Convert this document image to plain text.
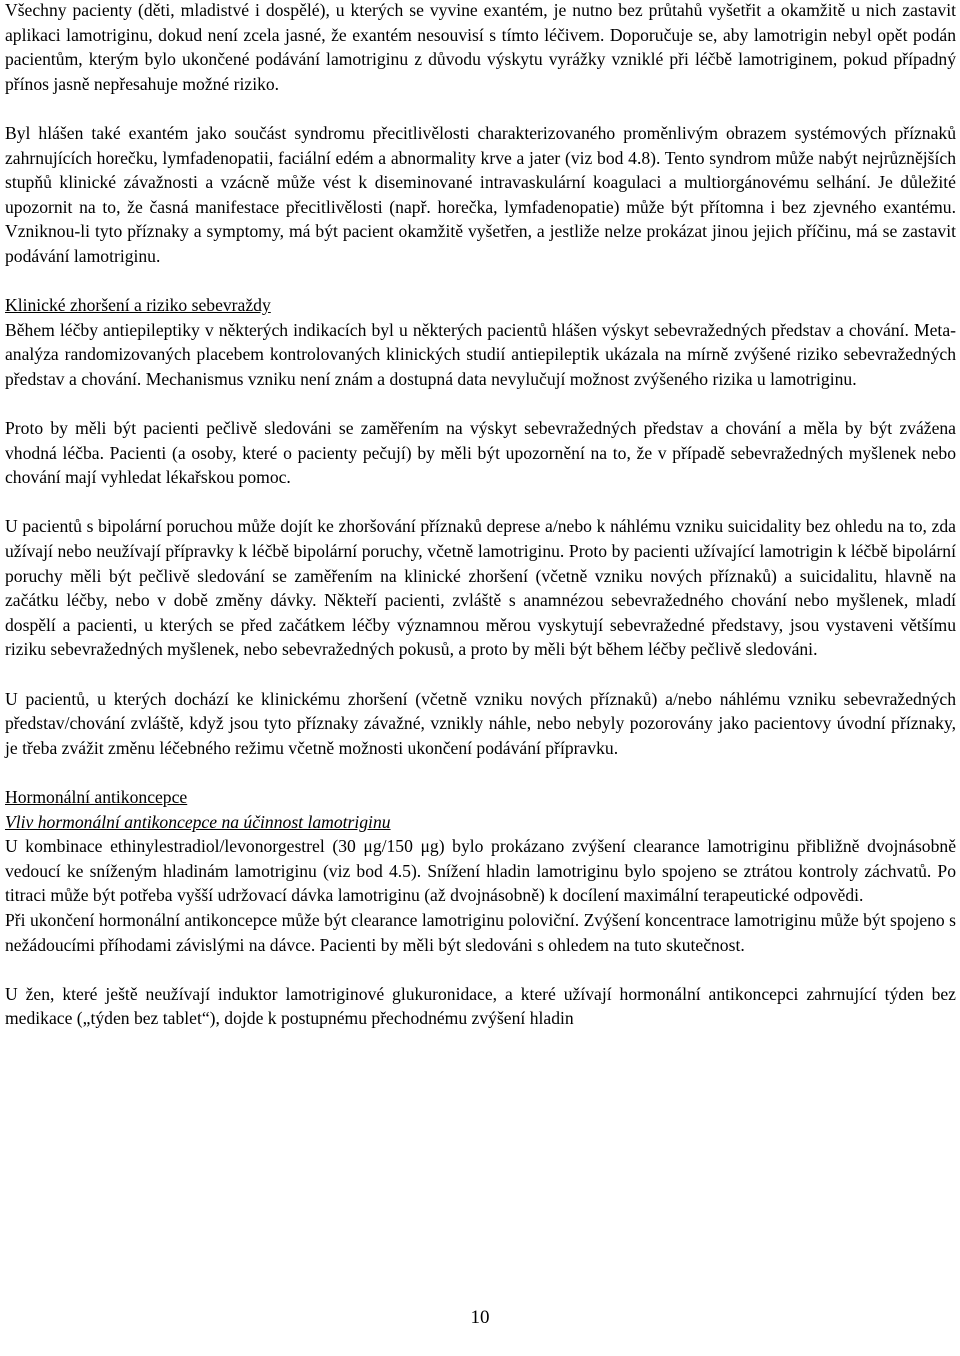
Všechny pacienty (děti, mladistvé i dospělé), u kterých se vyvine exantém, je nutno bez průtahů vyšetřit a okamžitě u nich zastavit aplikaci lamotriginu, dokud není zcela jasné, že exantém nesouvisí s tímto léčivem. Doporučuje se, aby lamotrigin nebyl opět podán pacientům, kterým bylo ukončené podávání lamotriginu z důvodu výskytu vyrážky vzniklé při léčbě lamotriginem, pokud případný přínos jasně nepřesahuje možné riziko.

Byl hlášen také exantém jako součást syndromu přecitlivělosti charakterizovaného proměnlivým obrazem systémových příznaků zahrnujících horečku, lymfadenopatii, faciální edém a abnormality krve a jater (viz bod 4.8). Tento syndrom může nabýt nejrůznějších stupňů klinické závažnosti a vzácně může vést k diseminované intravaskulární koagulaci a multiorgánovému selhání. Je důležité upozornit na to, že časná manifestace přecitlivělosti (např. horečka, lymfadenopatie) může být přítomna i bez zjevného exantému. Vzniknou-li tyto příznaky a symptomy, má být pacient okamžitě vyšetřen, a jestliže nelze prokázat jinou jejich příčinu, má se zastavit podávání lamotriginu.

Klinické zhoršení a riziko sebevraždy

Během léčby antiepileptiky v některých indikacích byl u některých pacientů hlášen výskyt sebevražedných představ a chování. Meta-analýza randomizovaných placebem kontrolovaných klinických studií antiepileptik ukázala na mírně zvýšené riziko sebevražedných představ a chování. Mechanismus vzniku není znám a dostupná data nevylučují možnost zvýšeného rizika u lamotriginu.

Proto by měli být pacienti pečlivě sledováni se zaměřením na výskyt sebevražedných představ a chování a měla by být zvážena vhodná léčba. Pacienti (a osoby, které o pacienty pečují) by měli být upozornění na to, že v případě sebevražedných myšlenek nebo chování mají vyhledat lékařskou pomoc.

U pacientů s bipolární poruchou může dojít ke zhoršování příznaků deprese a/nebo k náhlému vzniku suicidality bez ohledu na to, zda užívají nebo neužívají přípravky k léčbě bipolární poruchy, včetně lamotriginu. Proto by pacienti užívající lamotrigin k léčbě bipolární poruchy měli být pečlivě sledování se zaměřením na klinické zhoršení (včetně vzniku nových příznaků) a suicidalitu, hlavně na začátku léčby, nebo v době změny dávky. Někteří pacienti, zvláště s anamnézou sebevražedného chování nebo myšlenek, mladí dospělí a pacienti, u kterých se před začátkem léčby významnou měrou vyskytují sebevražedné představy, jsou vystaveni většímu riziku sebevražedných myšlenek, nebo sebevražedných pokusů, a proto by měli být během léčby pečlivě sledováni.

U pacientů, u kterých dochází ke klinickému zhoršení (včetně vzniku nových příznaků) a/nebo náhlému vzniku sebevražedných představ/chování zvláště, když jsou tyto příznaky závažné, vznikly náhle, nebo nebyly pozorovány jako pacientovy úvodní příznaky, je třeba zvážit změnu léčebného režimu včetně možnosti ukončení podávání přípravku.

Hormonální antikoncepce

Vliv hormonální antikoncepce na účinnost lamotriginu

U kombinace ethinylestradiol/levonorgestrel (30 μg/150 μg) bylo prokázano zvýšení clearance lamotriginu přibližně dvojnásobně vedoucí ke sníženým hladinám lamotriginu (viz bod 4.5). Snížení hladin lamotriginu bylo spojeno se ztrátou kontroly záchvatů. Po titraci může být potřeba vyšší udržovací dávka lamotriginu (až dvojnásobně) k docílení maximální terapeutické odpovědi.

Při ukončení hormonální antikoncepce může být clearance lamotriginu poloviční. Zvýšení koncentrace lamotriginu může být spojeno s nežádoucími příhodami závislými na dávce. Pacienti by měli být sledováni s ohledem na tuto skutečnost.

U žen, které ještě neužívají induktor lamotriginové glukuronidace, a které užívají hormonální antikoncepci zahrnující týden bez medikace („týden bez tablet“), dojde k postupnému přechodnému zvýšení hladin

10
